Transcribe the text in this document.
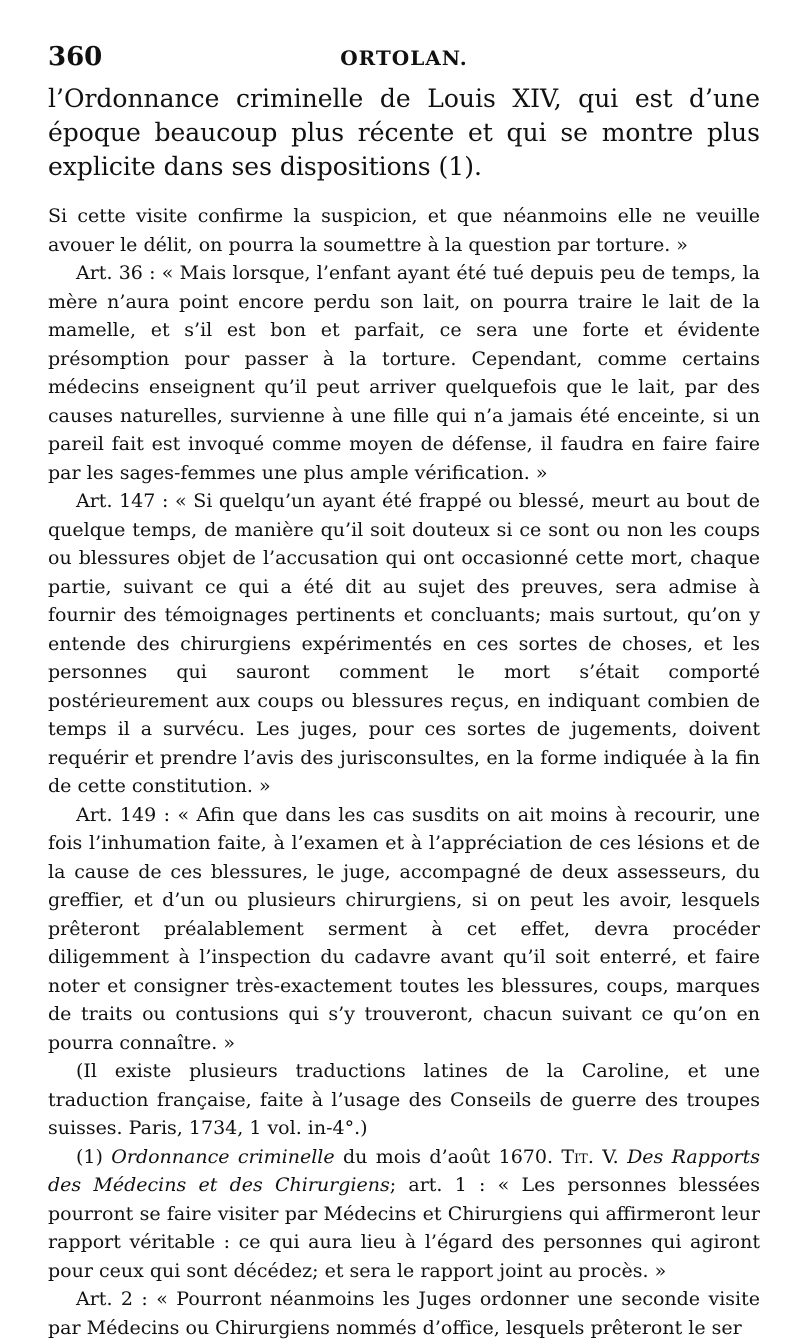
360	ORTOLAN.

l’Ordonnance criminelle de Louis XIV, qui est d’une époque beaucoup plus récente et qui se montre plus explicite dans ses dispositions (1).

Si cette visite confirme la suspicion, et que néanmoins elle ne veuille avouer le délit, on pourra la soumettre à la question par torture. »

Art. 36 : « Mais lorsque, l’enfant ayant été tué depuis peu de temps, la mère n’aura point encore perdu son lait, on pourra traire le lait de la mamelle, et s’il est bon et parfait, ce sera une forte et évidente présomption pour passer à la torture. Cependant, comme certains médecins enseignent qu’il peut arriver quelquefois que le lait, par des causes naturelles, survienne à une fille qui n’a jamais été enceinte, si un pareil fait est invoqué comme moyen de défense, il faudra en faire faire par les sages-femmes une plus ample vérification. »

Art. 147 : « Si quelqu’un ayant été frappé ou blessé, meurt au bout de quelque temps, de manière qu’il soit douteux si ce sont ou non les coups ou blessures objet de l’accusation qui ont occasionné cette mort, chaque partie, suivant ce qui a été dit au sujet des preuves, sera admise à fournir des témoignages pertinents et concluants; mais surtout, qu’on y entende des chirurgiens expérimentés en ces sortes de choses, et les personnes qui sauront comment le mort s’était comporté postérieurement aux coups ou blessures reçus, en indiquant combien de temps il a survécu. Les juges, pour ces sortes de jugements, doivent requérir et prendre l’avis des jurisconsultes, en la forme indiquée à la fin de cette constitution. »

Art. 149 : « Afin que dans les cas susdits on ait moins à recourir, une fois l’inhumation faite, à l’examen et à l’appréciation de ces lésions et de la cause de ces blessures, le juge, accompagné de deux assesseurs, du greffier, et d’un ou plusieurs chirurgiens, si on peut les avoir, lesquels prêteront préalablement serment à cet effet, devra procéder diligemment à l’inspection du cadavre avant qu’il soit enterré, et faire noter et consigner très-exactement toutes les blessures, coups, marques de traits ou contusions qui s’y trouveront, chacun suivant ce qu’on en pourra connaître. »

(Il existe plusieurs traductions latines de la Caroline, et une traduction française, faite à l’usage des Conseils de guerre des troupes suisses. Paris, 1734, 1 vol. in-4°.)

(1) Ordonnance criminelle du mois d’août 1670. Tit. V. Des Rapports des Médecins et des Chirurgiens; art. 1 : « Les personnes blessées pourront se faire visiter par Médecins et Chirurgiens qui affirmeront leur rapport véritable : ce qui aura lieu à l’égard des personnes qui agiront pour ceux qui sont décédez; et sera le rapport joint au procès. »

Art. 2 : « Pourront néanmoins les Juges ordonner une seconde visite par Médecins ou Chirurgiens nommés d’office, lesquels prêteront le ser
